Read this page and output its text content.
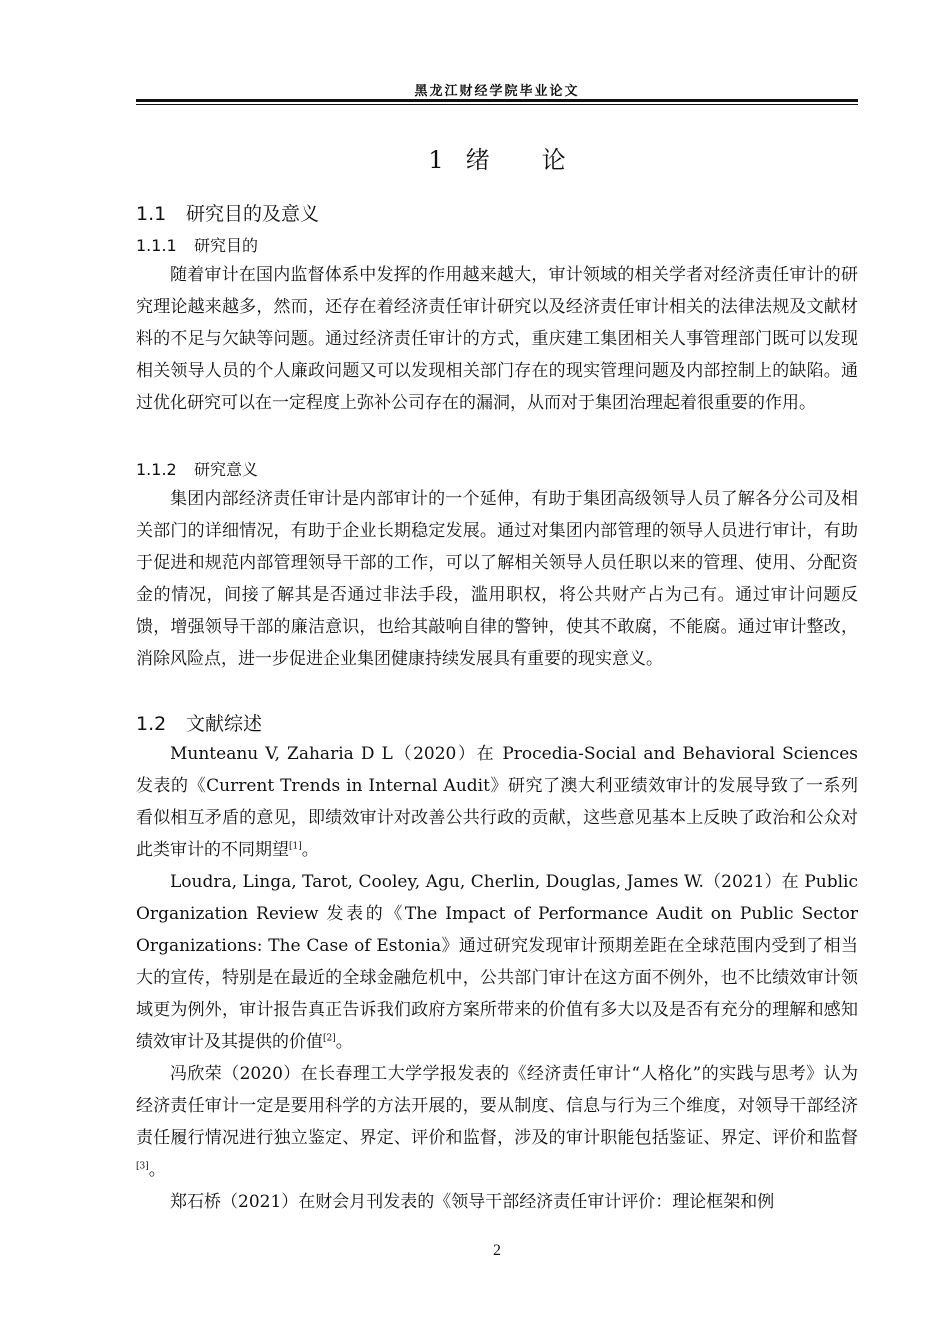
黑龙江财经学院毕业论文
1 绪 论
1.1 研究目的及意义
1.1.1 研究目的

随着审计在国内监督体系中发挥的作用越来越大，审计领域的相关学者对经济责任审计的研究理论越来越多，然而，还存在着经济责任审计研究以及经济责任审计相关的法律法规及文献材料的不足与欠缺等问题。通过经济责任审计的方式，重庆建工集团相关人事管理部门既可以发现相关领导人员的个人廉政问题又可以发现相关部门存在的现实管理问题及内部控制上的缺陷。通过优化研究可以在一定程度上弥补公司存在的漏洞，从而对于集团治理起着很重要的作用。

1.1.2 研究意义

集团内部经济责任审计是内部审计的一个延伸，有助于集团高级领导人员了解各分公司及相关部门的详细情况，有助于企业长期稳定发展。通过对集团内部管理的领导人员进行审计，有助于促进和规范内部管理领导干部的工作，可以了解相关领导人员任职以来的管理、使用、分配资金的情况，间接了解其是否通过非法手段，滥用职权，将公共财产占为己有。通过审计问题反馈，增强领导干部的廉洁意识，也给其敲响自律的警钟，使其不敢腐，不能腐。通过审计整改，消除风险点，进一步促进企业集团健康持续发展具有重要的现实意义。

1.2 文献综述

Munteanu V, Zaharia D L（2020）在 Procedia-Social and Behavioral Sciences 发表的《Current Trends in Internal Audit》研究了澳大利亚绩效审计的发展导致了一系列看似相互矛盾的意见，即绩效审计对改善公共行政的贡献，这些意见基本上反映了政治和公众对此类审计的不同期望[1]。

Loudra, Linga, Tarot, Cooley, Agu, Cherlin, Douglas, James W.（2021）在 Public Organization Review 发表的《The Impact of Performance Audit on Public Sector Organizations: The Case of Estonia》通过研究发现审计预期差距在全球范围内受到了相当大的宣传，特别是在最近的全球金融危机中，公共部门审计在这方面不例外，也不比绩效审计领域更为例外，审计报告真正告诉我们政府方案所带来的价值有多大以及是否有充分的理解和感知绩效审计及其提供的价值[2]。

冯欣荣（2020）在长春理工大学学报发表的《经济责任审计“人格化”的实践与思考》认为经济责任审计一定是要用科学的方法开展的，要从制度、信息与行为三个维度，对领导干部经济责任履行情况进行独立鉴定、界定、评价和监督，涉及的审计职能包括鉴证、界定、评价和监督[3]。

郑石桥（2021）在财会月刊发表的《领导干部经济责任审计评价：理论框架和例

2
